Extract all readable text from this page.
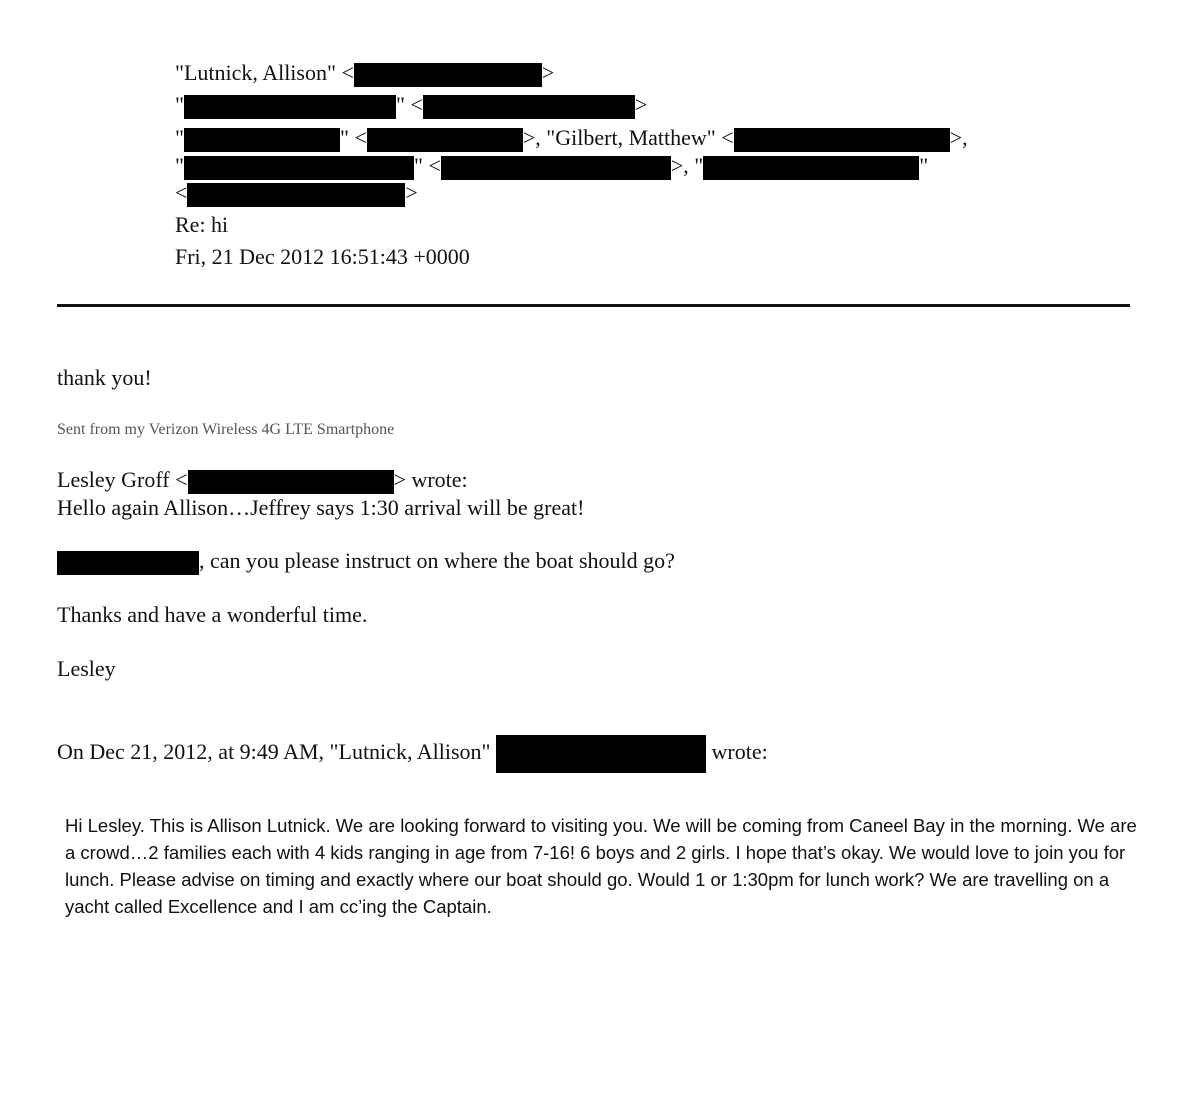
"Lutnick, Allison" <	>
"	" <	>
"	" <	>, "Gilbert, Matthew" <	>,
"	" <	>, "	"
<	>
Re: hi
Fri, 21 Dec 2012 16:51:43 +0000
thank you!
Sent from my Verizon Wireless 4G LTE Smartphone
Lesley Groff <	> wrote:
Hello again Allison…Jeffrey says 1:30 arrival will be great!
, can you please instruct on where the boat should go?
Thanks and have a wonderful time.
Lesley
On Dec 21, 2012, at 9:49 AM, "Lutnick, Allison"	wrote:
Hi Lesley. This is Allison Lutnick. We are looking forward to visiting you. We will be coming from Caneel Bay in the morning. We are a crowd…2 families each with 4 kids ranging in age from 7-16! 6 boys and 2 girls. I hope that’s okay. We would love to join you for lunch. Please advise on timing and exactly where our boat should go. Would 1 or 1:30pm for lunch work? We are travelling on a yacht called Excellence and I am cc’ing the Captain.
